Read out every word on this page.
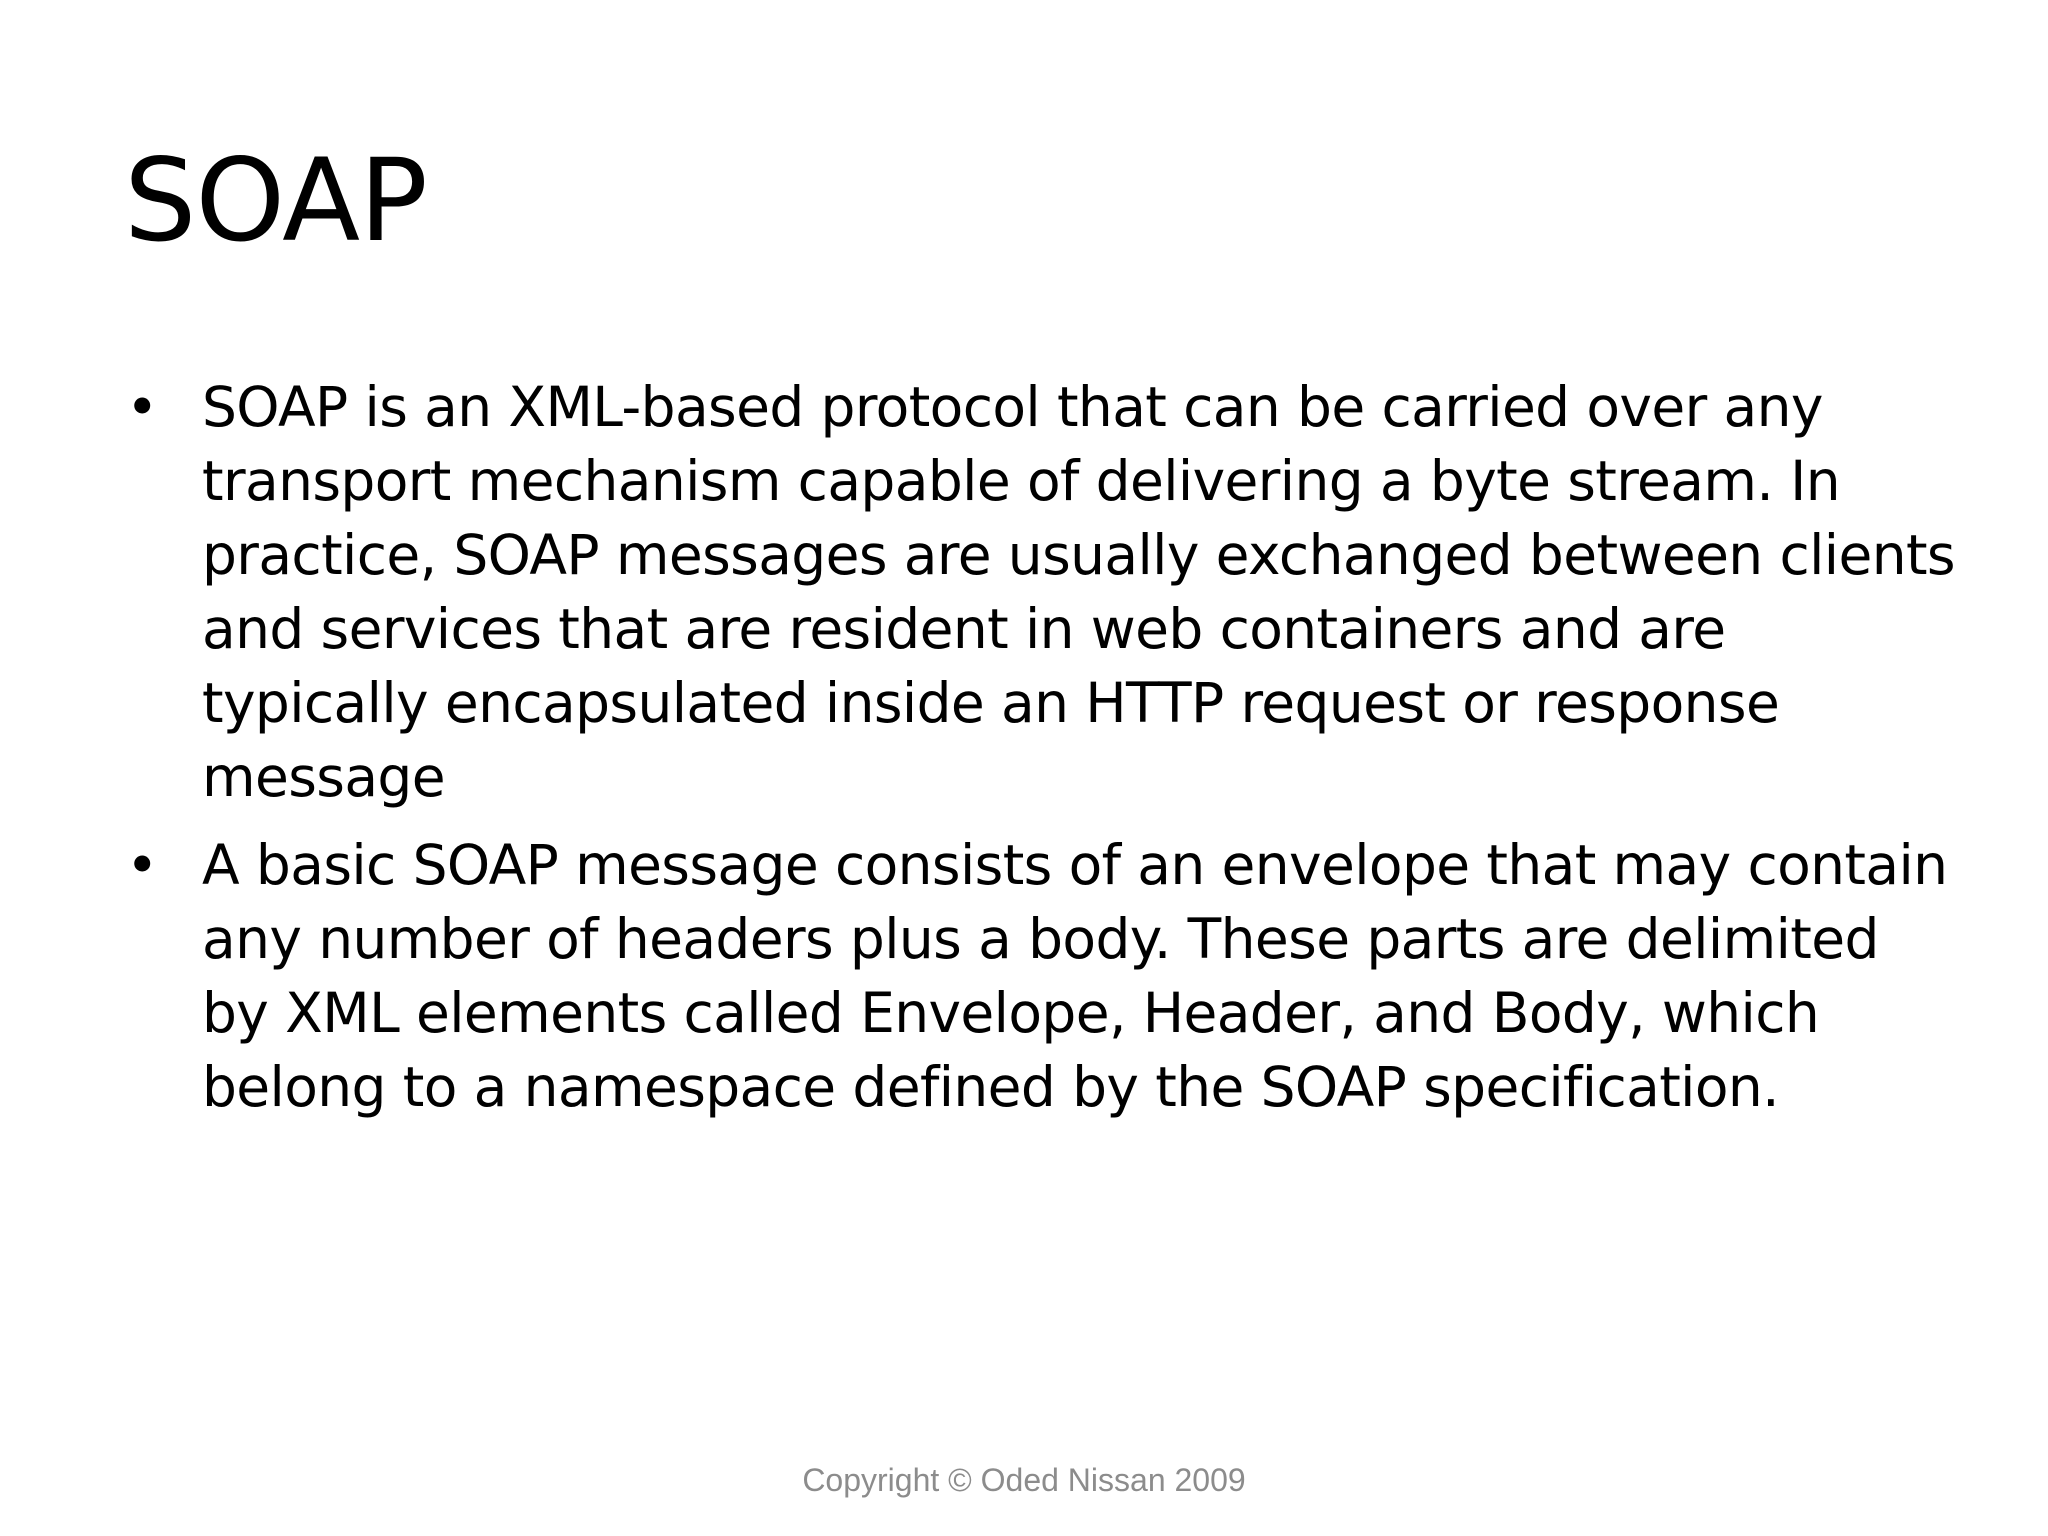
SOAP
• SOAP is an XML-based protocol that can be carried over any transport mechanism capable of delivering a byte stream. In practice, SOAP messages are usually exchanged between clients and services that are resident in web containers and are typically encapsulated inside an HTTP request or response message
• A basic SOAP message consists of an envelope that may contain any number of headers plus a body. These parts are delimited by XML elements called Envelope, Header, and Body, which belong to a namespace defined by the SOAP specification.
Copyright © Oded Nissan 2009
